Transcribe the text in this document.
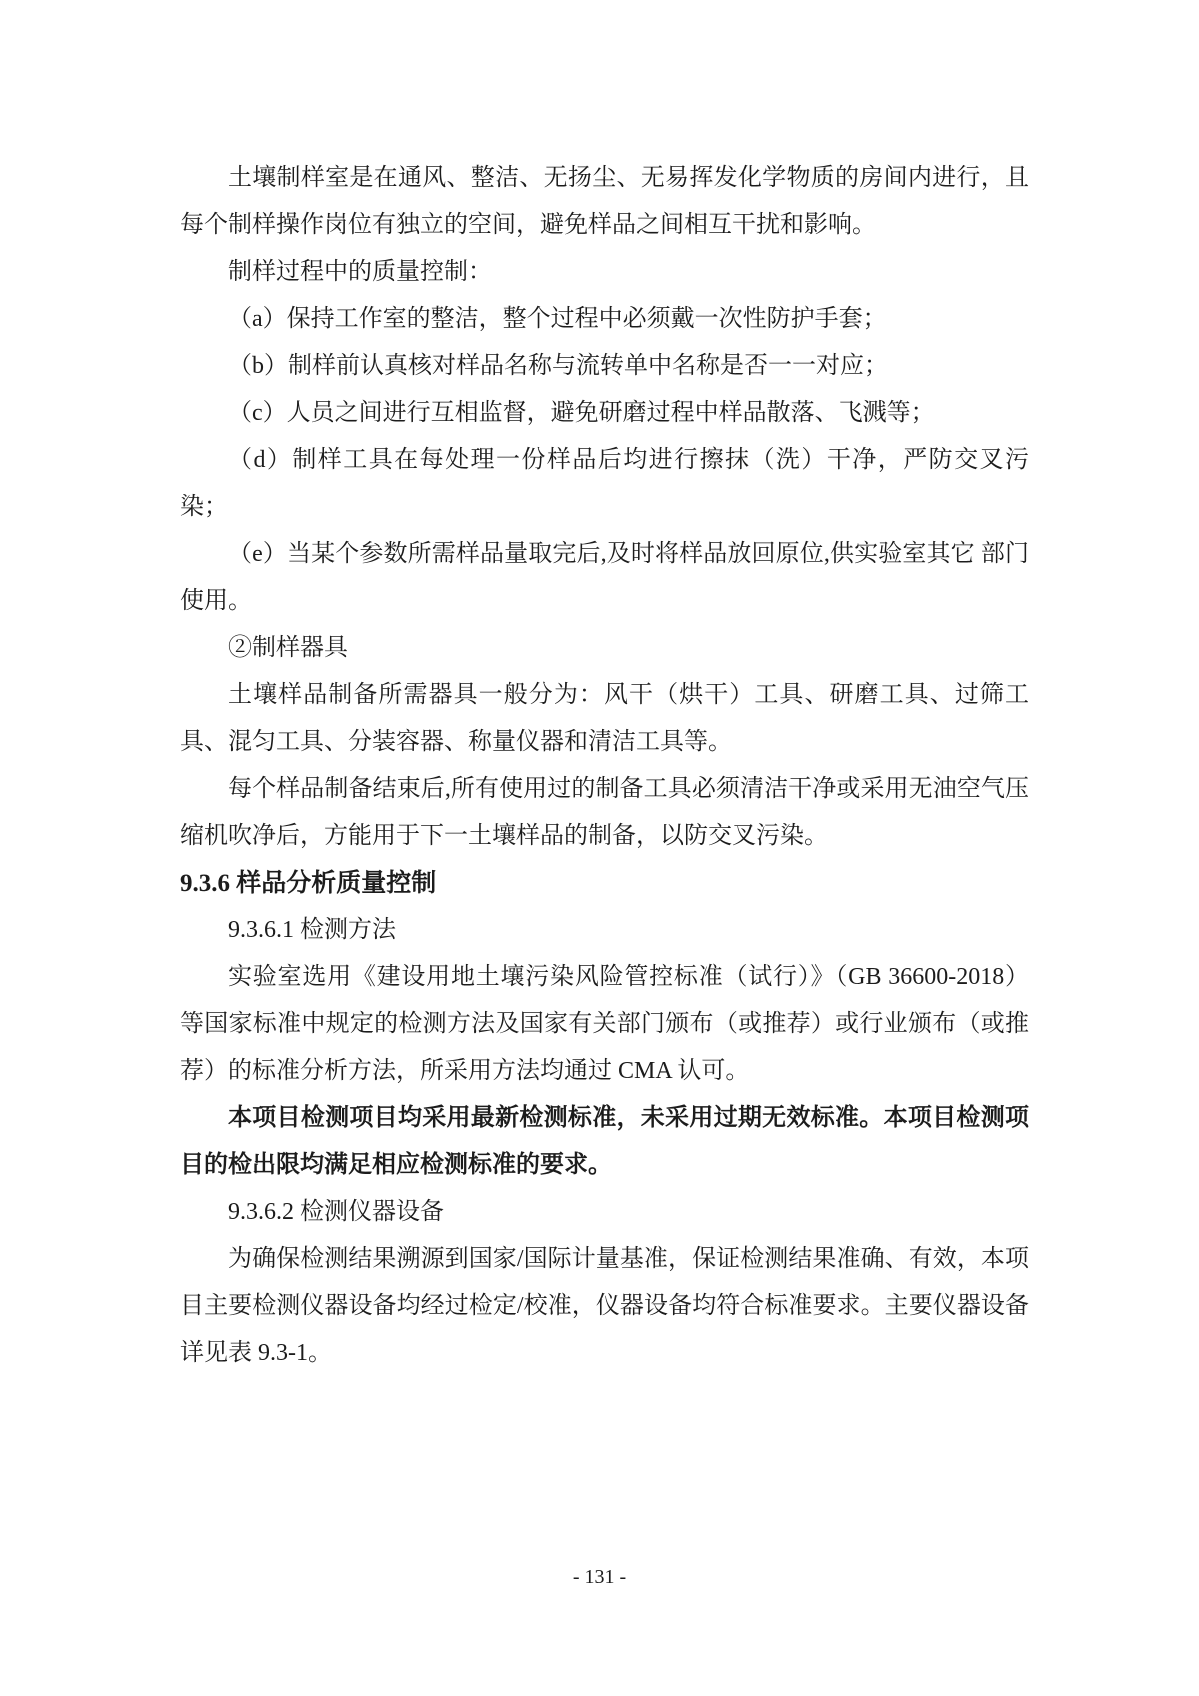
土壤制样室是在通风、整洁、无扬尘、无易挥发化学物质的房间内进行，且每个制样操作岗位有独立的空间，避免样品之间相互干扰和影响。

制样过程中的质量控制：

（a）保持工作室的整洁，整个过程中必须戴一次性防护手套；

（b）制样前认真核对样品名称与流转单中名称是否一一对应；

（c）人员之间进行互相监督，避免研磨过程中样品散落、飞溅等；

（d）制样工具在每处理一份样品后均进行擦抹（洗）干净，严防交叉污染；

（e）当某个参数所需样品量取完后,及时将样品放回原位,供实验室其它 部门使用。

②制样器具

土壤样品制备所需器具一般分为：风干（烘干）工具、研磨工具、过筛工具、混匀工具、分装容器、称量仪器和清洁工具等。

每个样品制备结束后,所有使用过的制备工具必须清洁干净或采用无油空气压缩机吹净后，方能用于下一土壤样品的制备，以防交叉污染。

9.3.6 样品分析质量控制

9.3.6.1 检测方法

实验室选用《建设用地土壤污染风险管控标准（试行）》（GB 36600-2018）等国家标准中规定的检测方法及国家有关部门颁布（或推荐）或行业颁布（或推荐）的标准分析方法，所采用方法均通过 CMA 认可。

本项目检测项目均采用最新检测标准，未采用过期无效标准。本项目检测项目的检出限均满足相应检测标准的要求。

9.3.6.2 检测仪器设备

为确保检测结果溯源到国家/国际计量基准，保证检测结果准确、有效，本项目主要检测仪器设备均经过检定/校准，仪器设备均符合标准要求。主要仪器设备详见表 9.3-1。

- 131 -
